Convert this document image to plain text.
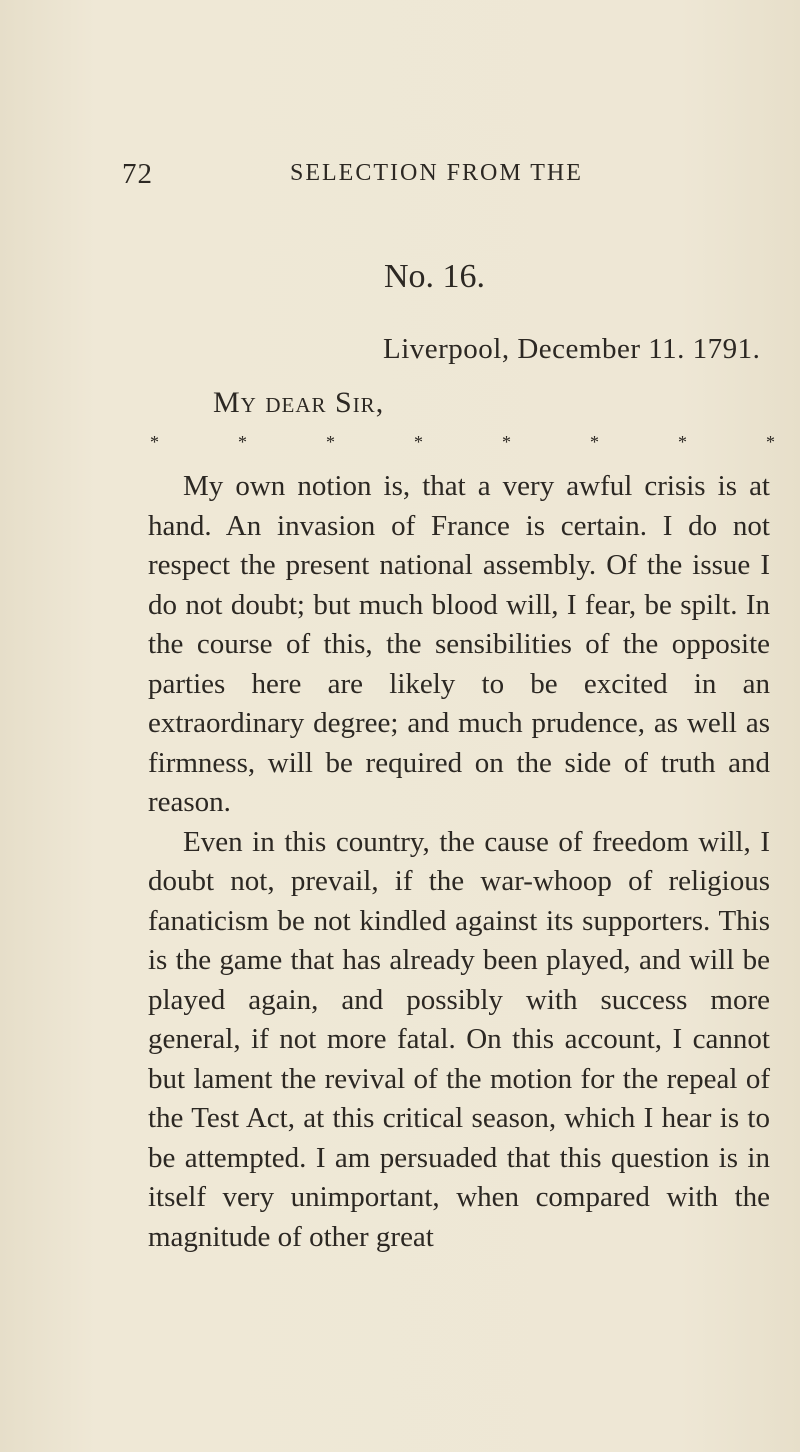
72	SELECTION FROM THE
No. 16.
Liverpool, December 11. 1791.
My dear Sir,
*	*	*	*	*	*	*	*

My own notion is, that a very awful crisis is at hand. An invasion of France is certain. I do not respect the present national assembly. Of the issue I do not doubt; but much blood will, I fear, be spilt. In the course of this, the sensibilities of the opposite parties here are likely to be excited in an extraordinary degree; and much prudence, as well as firmness, will be required on the side of truth and reason.

Even in this country, the cause of freedom will, I doubt not, prevail, if the war-whoop of religious fanaticism be not kindled against its supporters. This is the game that has already been played, and will be played again, and possibly with success more general, if not more fatal. On this account, I cannot but lament the revival of the motion for the repeal of the Test Act, at this critical season, which I hear is to be attempted. I am persuaded that this question is in itself very unimportant, when compared with the magnitude of other great
